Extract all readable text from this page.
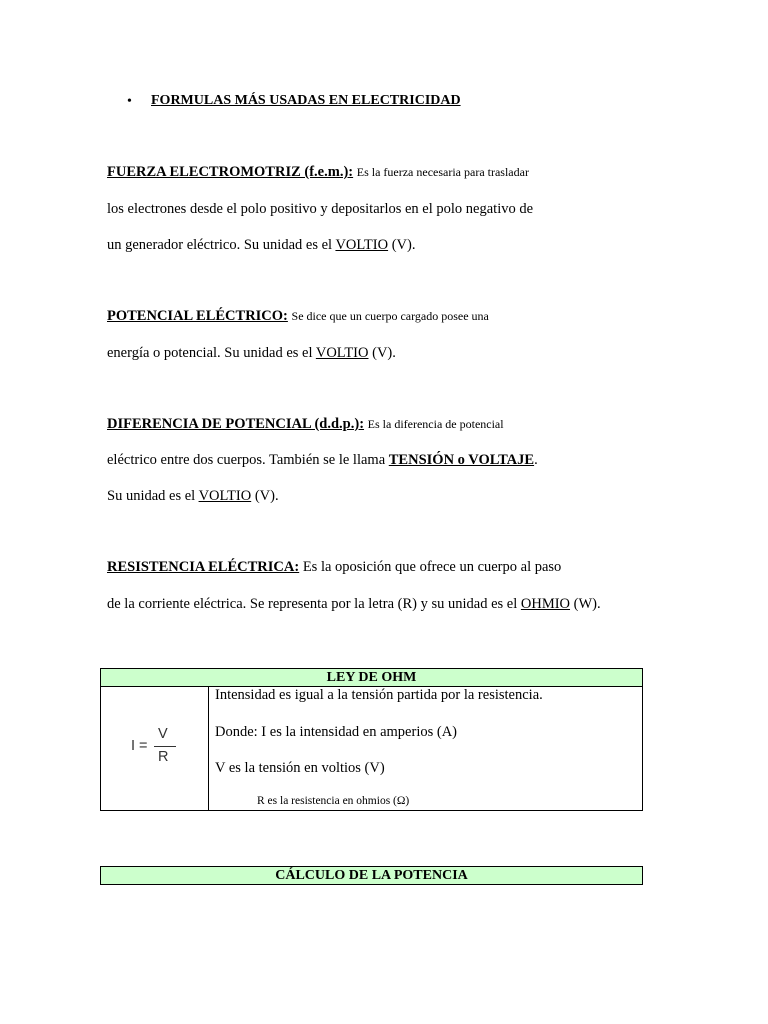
• FORMULAS MÁS USADAS EN ELECTRICIDAD
FUERZA ELECTROMOTRIZ (f.e.m.): Es la fuerza necesaria para trasladar
los electrones desde el polo positivo y depositarlos en el polo negativo de
un generador eléctrico. Su unidad es el VOLTIO (V).
POTENCIAL ELÉCTRICO: Se dice que un cuerpo cargado posee una
energía o potencial. Su unidad es el VOLTIO (V).
DIFERENCIA DE POTENCIAL (d.d.p.): Es la diferencia de potencial
eléctrico entre dos cuerpos. También se le llama TENSIÓN o VOLTAJE.
Su unidad es el VOLTIO (V).
RESISTENCIA ELÉCTRICA: Es la oposición que ofrece un cuerpo al paso
de la corriente eléctrica. Se representa por la letra (R) y su unidad es el OHMIO (W).
LEY DE OHM

I =
V
R

Intensidad es igual a la tensión partida por la resistencia.
Donde: I es la intensidad en amperios (A)
V es la tensión en voltios (V)
R es la resistencia en ohmios (Ω)
CÁLCULO DE LA POTENCIA
